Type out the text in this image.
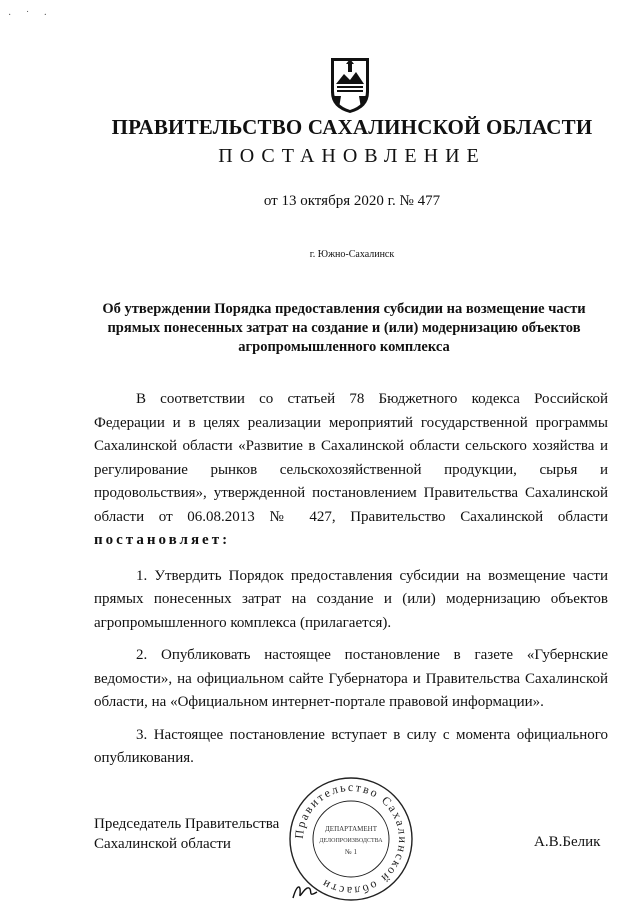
· ˙ ·
ПРАВИТЕЛЬСТВО САХАЛИНСКОЙ ОБЛАСТИ
ПОСТАНОВЛЕНИЕ
от 13 октября 2020 г. № 477
г. Южно-Сахалинск
Об утверждении Порядка предоставления субсидии на возмещение части прямых понесенных затрат на создание и (или) модернизацию объектов агропромышленного комплекса

В соответствии со статьей 78 Бюджетного кодекса Российской Федерации и в целях реализации мероприятий государственной программы Сахалинской области «Развитие в Сахалинской области сельского хозяйства и регулирование рынков сельскохозяйственной продукции, сырья и продовольствия», утвержденной постановлением Правительства Сахалинской области от 06.08.2013 № 427, Правительство Сахалинской области постановляет:

1. Утвердить Порядок предоставления субсидии на возмещение части прямых понесенных затрат на создание и (или) модернизацию объектов агропромышленного комплекса (прилагается).

2. Опубликовать настоящее постановление в газете «Губернские ведомости», на официальном сайте Губернатора и Правительства Сахалинской области, на «Официальном интернет-портале правовой информации».

3. Настоящее постановление вступает в силу с момента официального опубликования.

Председатель Правительства
Сахалинской области	А.В.Белик
Правительство Сахалинской области
ДЕПАРТАМЕНТ
ДЕЛОПРОИЗВОДСТВА
№ 1
